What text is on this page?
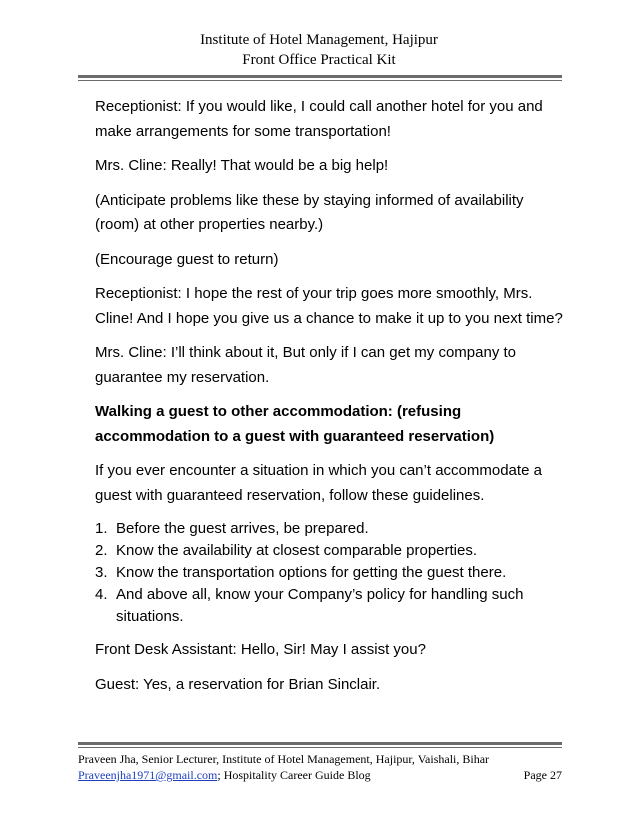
Institute of Hotel Management, Hajipur
Front Office Practical Kit

Receptionist: If you would like, I could call another hotel for you and make arrangements for some transportation!

Mrs. Cline: Really! That would be a big help!

(Anticipate problems like these by staying informed of availability (room) at other properties nearby.)

(Encourage guest to return)

Receptionist: I hope the rest of your trip goes more smoothly, Mrs. Cline! And I hope you give us a chance to make it up to you next time?

Mrs. Cline: I’ll think about it, But only if I can get my company to guarantee my reservation.

Walking a guest to other accommodation: (refusing accommodation to a guest with guaranteed reservation)

If you ever encounter a situation in which you can’t accommodate a guest with guaranteed reservation, follow these guidelines.

1. Before the guest arrives, be prepared.
2. Know the availability at closest comparable properties.
3. Know the transportation options for getting the guest there.
4. And above all, know your Company’s policy for handling such situations.

Front Desk Assistant: Hello, Sir! May I assist you?

Guest: Yes, a reservation for Brian Sinclair.

Praveen Jha, Senior Lecturer, Institute of Hotel Management, Hajipur, Vaishali, Bihar
Praveenjha1971@gmail.com; Hospitality Career Guide Blog	Page 27
